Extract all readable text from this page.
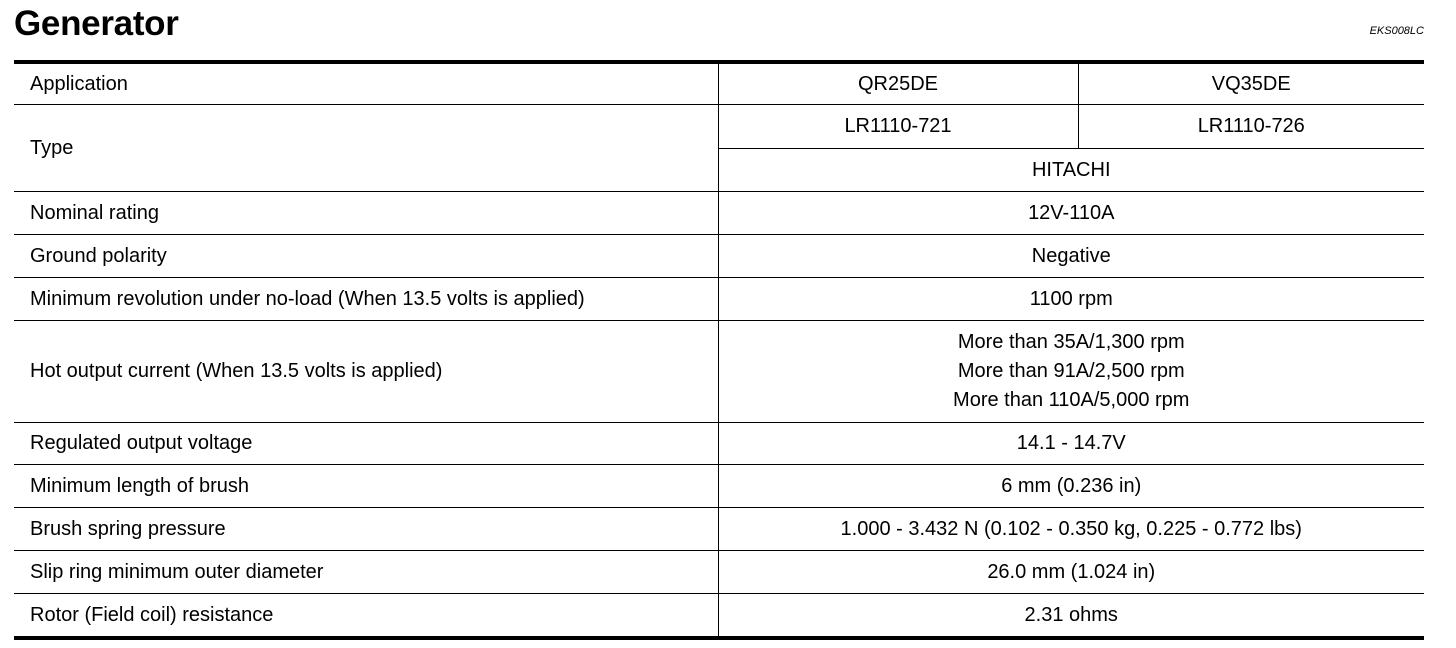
Generator	EKS008LC
Application	QR25DE	VQ35DE
Type	LR1110-721	LR1110-726
	HITACHI	
Nominal rating	12V-110A	
Ground polarity	Negative	
Minimum revolution under no-load (When 13.5 volts is applied)	1100 rpm	
Hot output current (When 13.5 volts is applied)	More than 35A/1,300 rpm
More than 91A/2,500 rpm
More than 110A/5,000 rpm	

Regulated output voltage	14.1 - 14.7V	
Minimum length of brush	6 mm (0.236 in)	
Brush spring pressure	1.000 - 3.432 N (0.102 - 0.350 kg, 0.225 - 0.772 lbs)	
Slip ring minimum outer diameter	26.0 mm (1.024 in)	
Rotor (Field coil) resistance	2.31 ohms	
